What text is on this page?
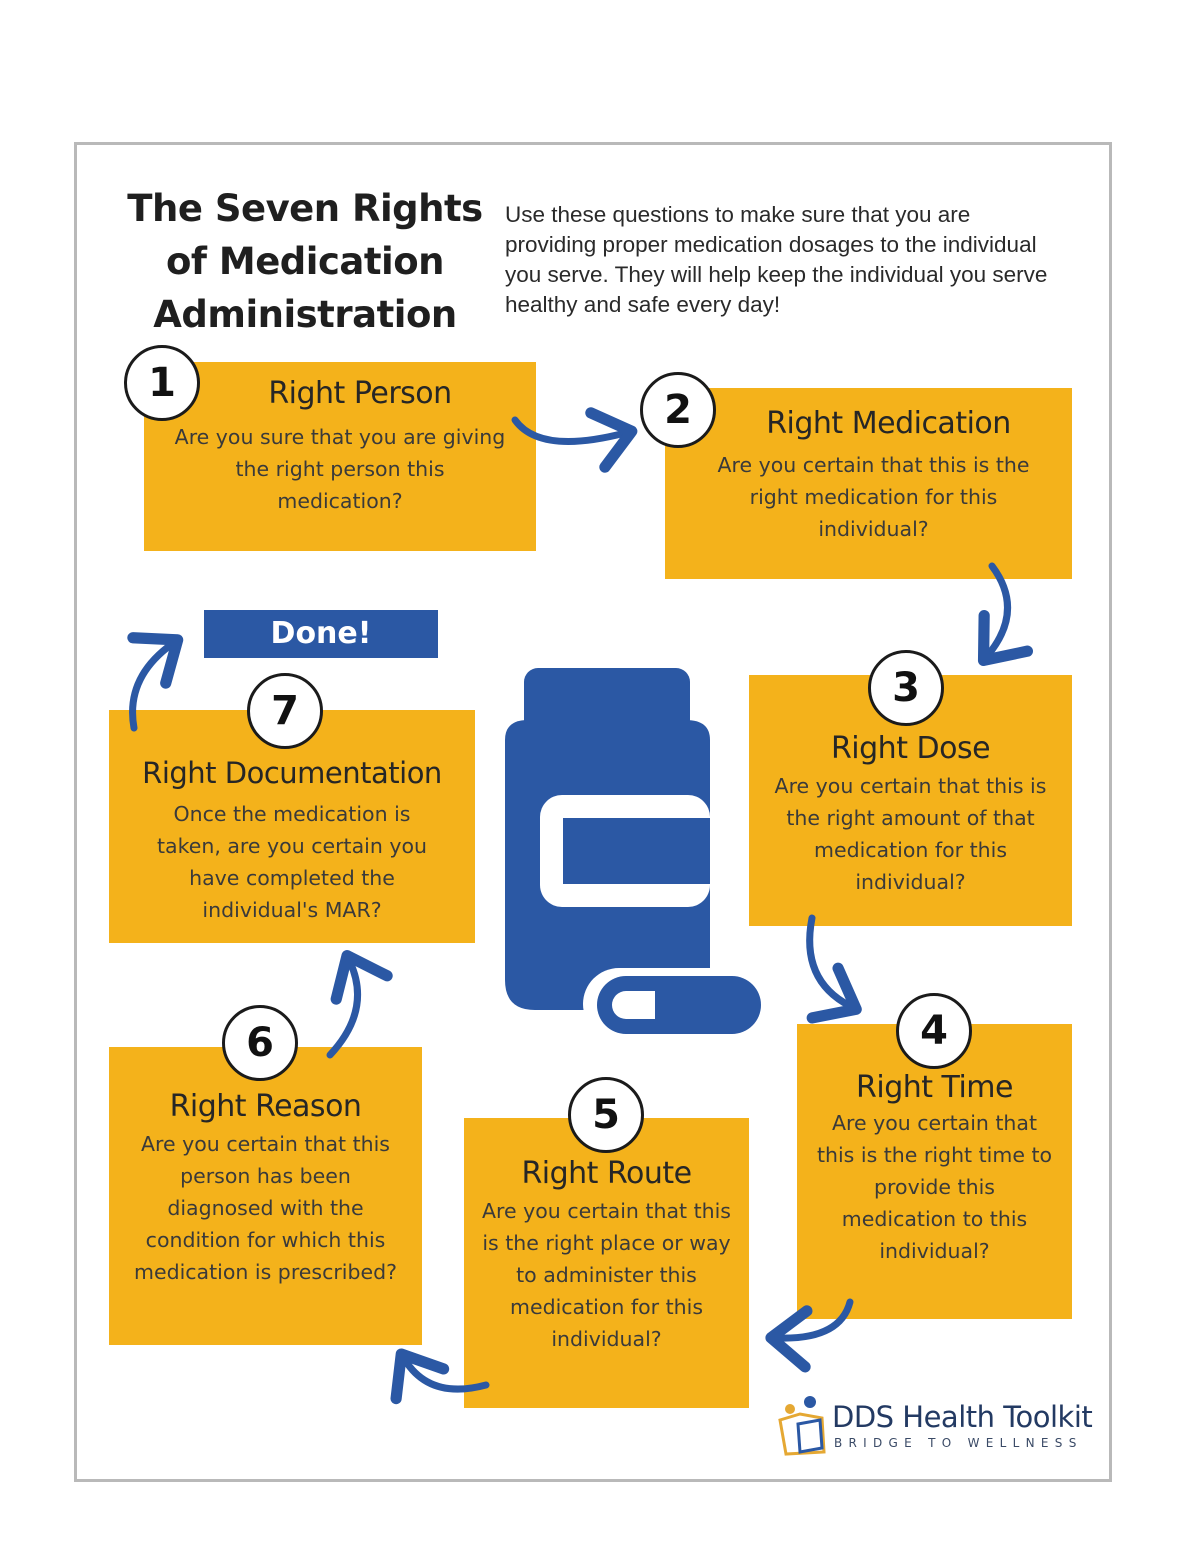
The Seven Rights
of Medication
Administration
Use these questions to make sure that you are providing proper medication dosages to the individual you serve. They will help keep the individual you serve healthy and safe every day!
Right Person

Are you sure that you are giving the right person this medication?

1
Right Medication

Are you certain that this is the right medication for this individual?

2
Right Dose

Are you certain that this is the right amount of that medication for this individual?

3
Right Time

Are you certain that this is the right time to provide this medication to this individual?

4
Right Route

Are you certain that this is the right place or way to administer this medication for this individual?

5
Right Reason

Are you certain that this person has been diagnosed with the condition for which this medication is prescribed?

6
Right Documentation

Once the medication is taken, are you certain you have completed the individual's MAR?

7
Done!
DDS Health Toolkit
BRIDGE TO WELLNESS
